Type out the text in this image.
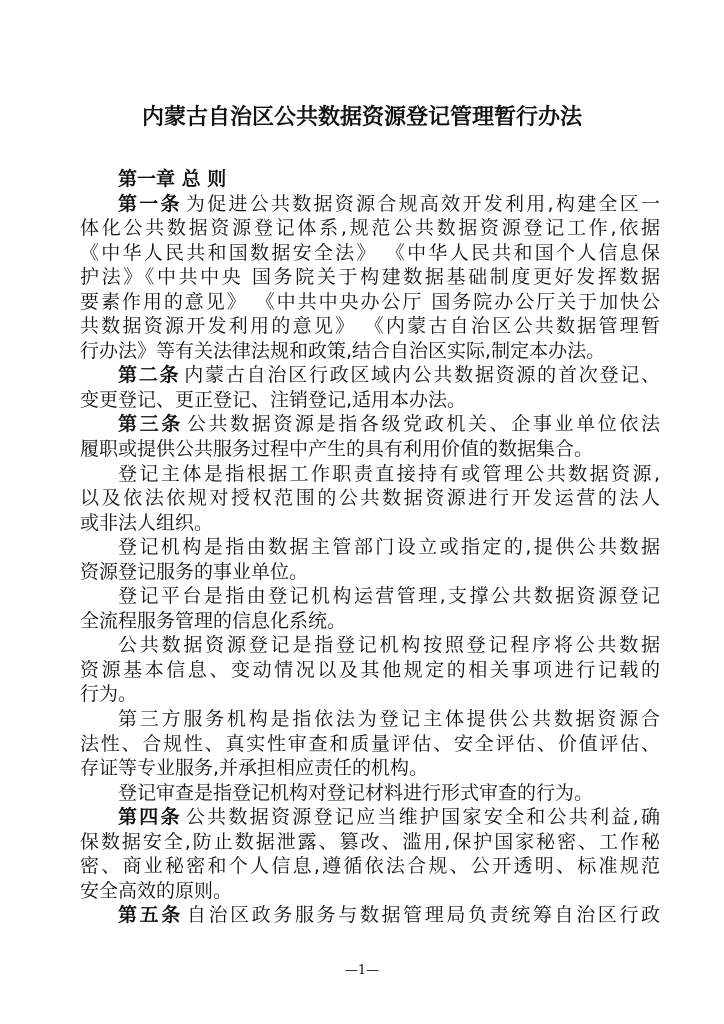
内蒙古自治区公共数据资源登记管理暂行办法
第一章 总 则
第一条 为促进公共数据资源合规高效开发利用,构建全区一
体化公共数据资源登记体系,规范公共数据资源登记工作,依据
《中华人民共和国数据安全法》 《中华人民共和国个人信息保
护法》《中共中央 国务院关于构建数据基础制度更好发挥数据
要素作用的意见》 《中共中央办公厅 国务院办公厅关于加快公
共数据资源开发利用的意见》 《内蒙古自治区公共数据管理暂
行办法》等有关法律法规和政策,结合自治区实际,制定本办法。
第二条 内蒙古自治区行政区域内公共数据资源的首次登记、
变更登记、更正登记、注销登记,适用本办法。
第三条 公共数据资源是指各级党政机关、企事业单位依法
履职或提供公共服务过程中产生的具有利用价值的数据集合。
登记主体是指根据工作职责直接持有或管理公共数据资源,
以及依法依规对授权范围的公共数据资源进行开发运营的法人
或非法人组织。
登记机构是指由数据主管部门设立或指定的,提供公共数据
资源登记服务的事业单位。
登记平台是指由登记机构运营管理,支撑公共数据资源登记
全流程服务管理的信息化系统。
公共数据资源登记是指登记机构按照登记程序将公共数据
资源基本信息、变动情况以及其他规定的相关事项进行记载的
行为。
第三方服务机构是指依法为登记主体提供公共数据资源合
法性、合规性、真实性审查和质量评估、安全评估、价值评估、
存证等专业服务,并承担相应责任的机构。
登记审查是指登记机构对登记材料进行形式审查的行为。
第四条 公共数据资源登记应当维护国家安全和公共利益,确
保数据安全,防止数据泄露、篡改、滥用,保护国家秘密、工作秘
密、商业秘密和个人信息,遵循依法合规、公开透明、标准规范
安全高效的原则。
第五条 自治区政务服务与数据管理局负责统筹自治区行政
—1—
